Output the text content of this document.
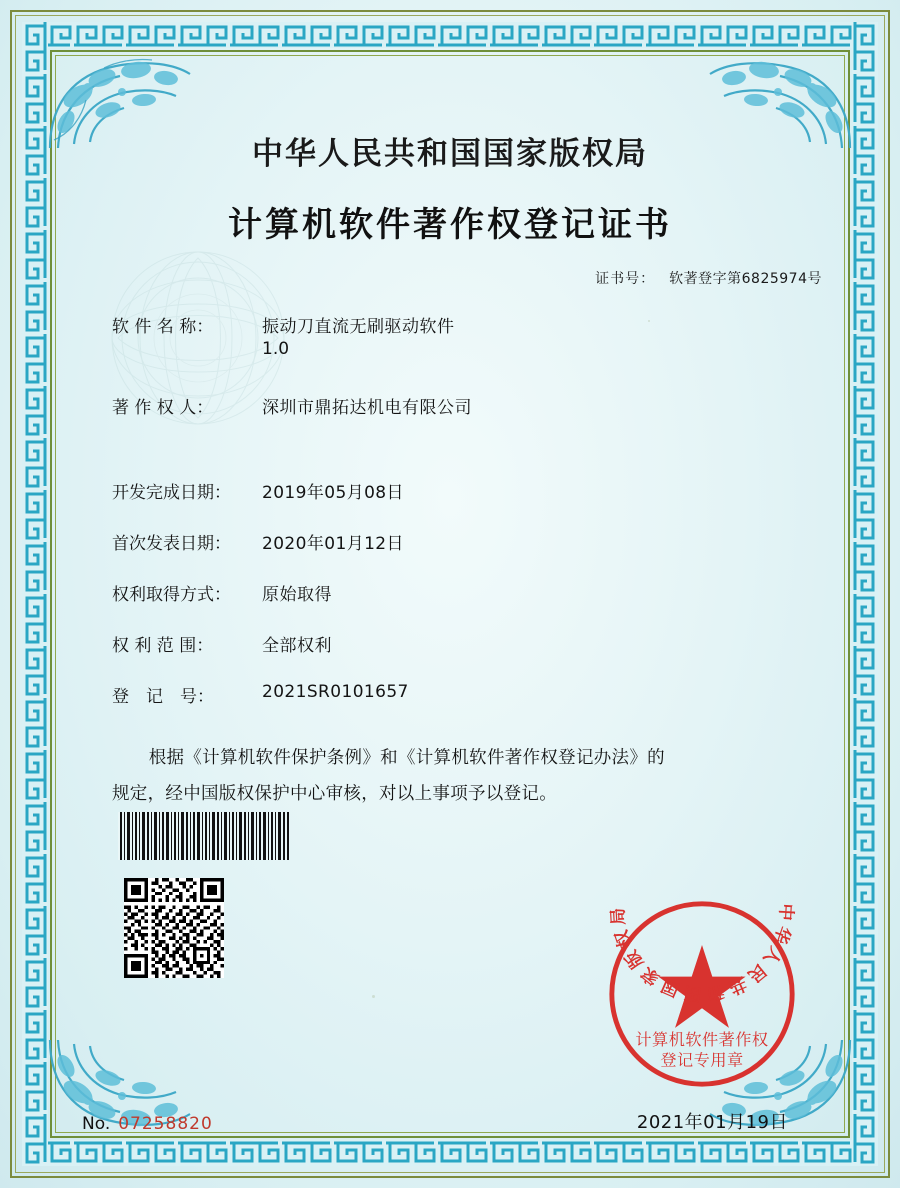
中华人民共和国国家版权局
计算机软件著作权登记证书
证书号： 软著登字第6825974号
软 件 名 称：	振动刀直流无刷驱动软件
1.0
著 作 权 人：	深圳市鼎拓达机电有限公司
开发完成日期：	2019年05月08日
首次发表日期：	2020年01月12日
权利取得方式：	原始取得
权 利 范 围：	全部权利
登　记　号：	2021SR0101657
根据《计算机软件保护条例》和《计算机软件著作权登记办法》的
规定，经中国版权保护中心审核，对以上事项予以登记。
中华人民共和国国家版权局
计算机软件著作权
登记专用章
No. 07258820	2021年01月19日
